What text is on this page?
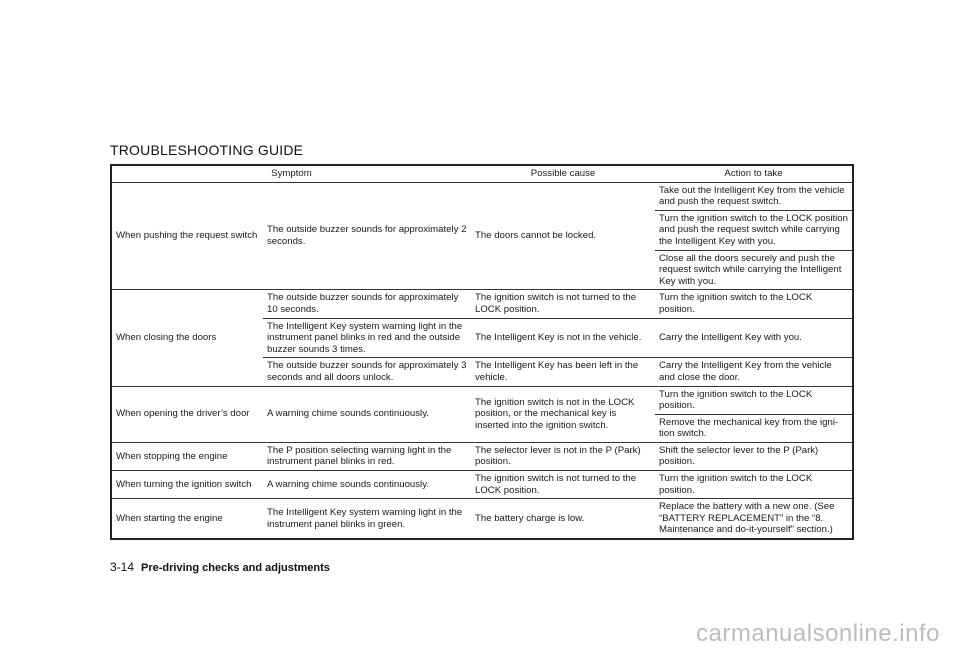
TROUBLESHOOTING GUIDE
Symptom		Possible cause	Action to take
When pushing the request switch	The outside buzzer sounds for approximately 2 seconds.	The doors cannot be locked.	Take out the Intelligent Key from the vehicle and push the request switch.
			Turn the ignition switch to the LOCK position and push the request switch while carrying the Intelligent Key with you.
			Close all the doors securely and push the request switch while carrying the Intelligent Key with you.
When closing the doors	The outside buzzer sounds for approximately 10 seconds.	The ignition switch is not turned to the LOCK position.	Turn the ignition switch to the LOCK position.
	The Intelligent Key system warning light in the instrument panel blinks in red and the outside buzzer sounds 3 times.	The Intelligent Key is not in the vehicle.	Carry the Intelligent Key with you.
	The outside buzzer sounds for approximately 3 seconds and all doors unlock.	The Intelligent Key has been left in the vehicle.	Carry the Intelligent Key from the vehicle and close the door.
When opening the driver’s door	A warning chime sounds continuously.	The ignition switch is not in the LOCK position, or the mechanical key is inserted into the ignition switch.	Turn the ignition switch to the LOCK position.
			Remove the mechanical key from the igni-tion switch.
When stopping the engine	The P position selecting warning light in the instrument panel blinks in red.	The selector lever is not in the P (Park) position.	Shift the selector lever to the P (Park) position.
When turning the ignition switch	A warning chime sounds continuously.	The ignition switch is not turned to the LOCK position.	Turn the ignition switch to the LOCK position.
When starting the engine	The Intelligent Key system warning light in the instrument panel blinks in green.	The battery charge is low.	Replace the battery with a new one. (See “BATTERY REPLACEMENT” in the “8. Maintenance and do-it-yourself” section.)
3-14 Pre-driving checks and adjustments
carmanualsonline.info
